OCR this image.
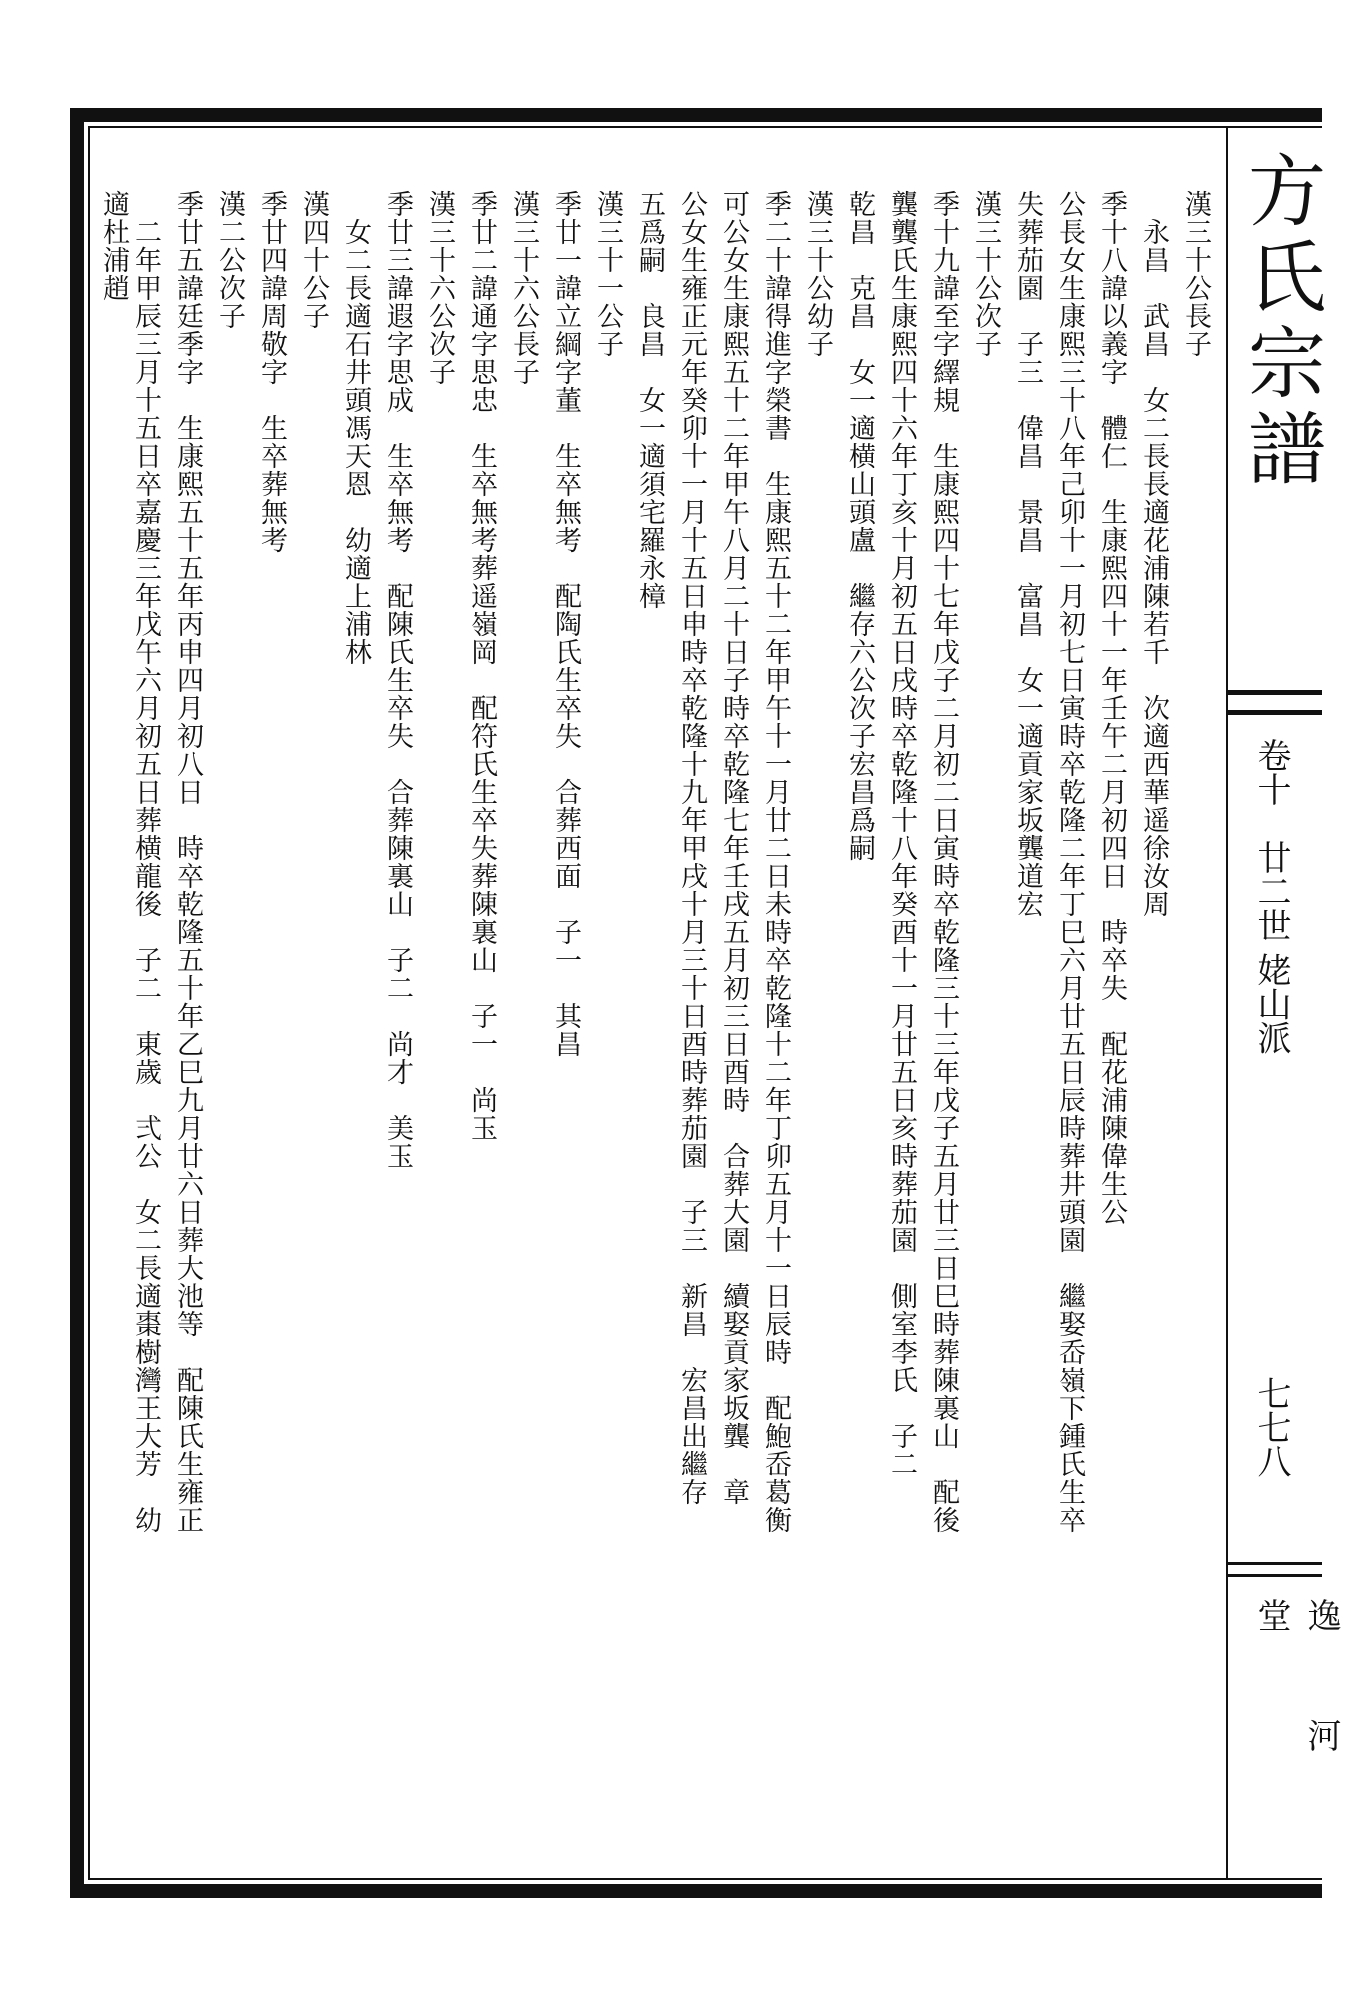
方氏宗譜
卷十　廿二世 姥山派
七七八
逸河堂
漢三十公長子
　永昌　武昌　女二長長適花浦陳若千　次適西華遥徐汝周
季十八諱以義字　體仁　生康熙四十一年壬午二月初四日　時卒失　配花浦陳偉生公
公長女生康熙三十八年己卯十一月初七日寅時卒乾隆二年丁巳六月廿五日辰時葬井頭園　繼娶岙嶺下鍾氏生卒
失葬茄園　子三　偉昌　景昌　富昌　女一適貢家坂龔道宏
漢三十公次子
季十九諱至字繹規　生康熙四十七年戊子二月初二日寅時卒乾隆三十三年戊子五月廿三日巳時葬陳裏山　配後
龔龔氏生康熙四十六年丁亥十月初五日戌時卒乾隆十八年癸酉十一月廿五日亥時葬茄園　側室李氏　子二
乾昌　克昌　女一適横山頭盧　繼存六公次子宏昌爲嗣
漢三十公幼子
季二十諱得進字榮書　生康熙五十二年甲午十一月廿二日未時卒乾隆十二年丁卯五月十一日辰時　配鮑岙葛衡
可公女生康熙五十二年甲午八月二十日子時卒乾隆七年壬戌五月初三日酉時　合葬大園　續娶貢家坂龔　章
公女生雍正元年癸卯十一月十五日申時卒乾隆十九年甲戌十月三十日酉時葬茄園　子三　新昌　宏昌出繼存
五爲嗣　良昌　女一適須宅羅永樟
漢三十一公子
季廿一諱立綱字董　生卒無考　配陶氏生卒失　合葬西面　子一　其昌
漢三十六公長子
季廿二諱通字思忠　生卒無考葬遥嶺岡　配符氏生卒失葬陳裏山　子一　尚玉
漢三十六公次子
季廿三諱遐字思成　生卒無考　配陳氏生卒失　合葬陳裏山　子二　尚才　美玉
　女二長適石井頭馮天恩　幼適上浦林
漢四十公子
季廿四諱周敬字　生卒葬無考
漢二公次子
季廿五諱廷季字　生康熙五十五年丙申四月初八日　時卒乾隆五十年乙巳九月廿六日葬大池等　配陳氏生雍正
　二年甲辰三月十五日卒嘉慶三年戊午六月初五日葬横龍後　子二　東歲　弍公　女二長適棗樹灣王大芳　幼
適杜浦趙
